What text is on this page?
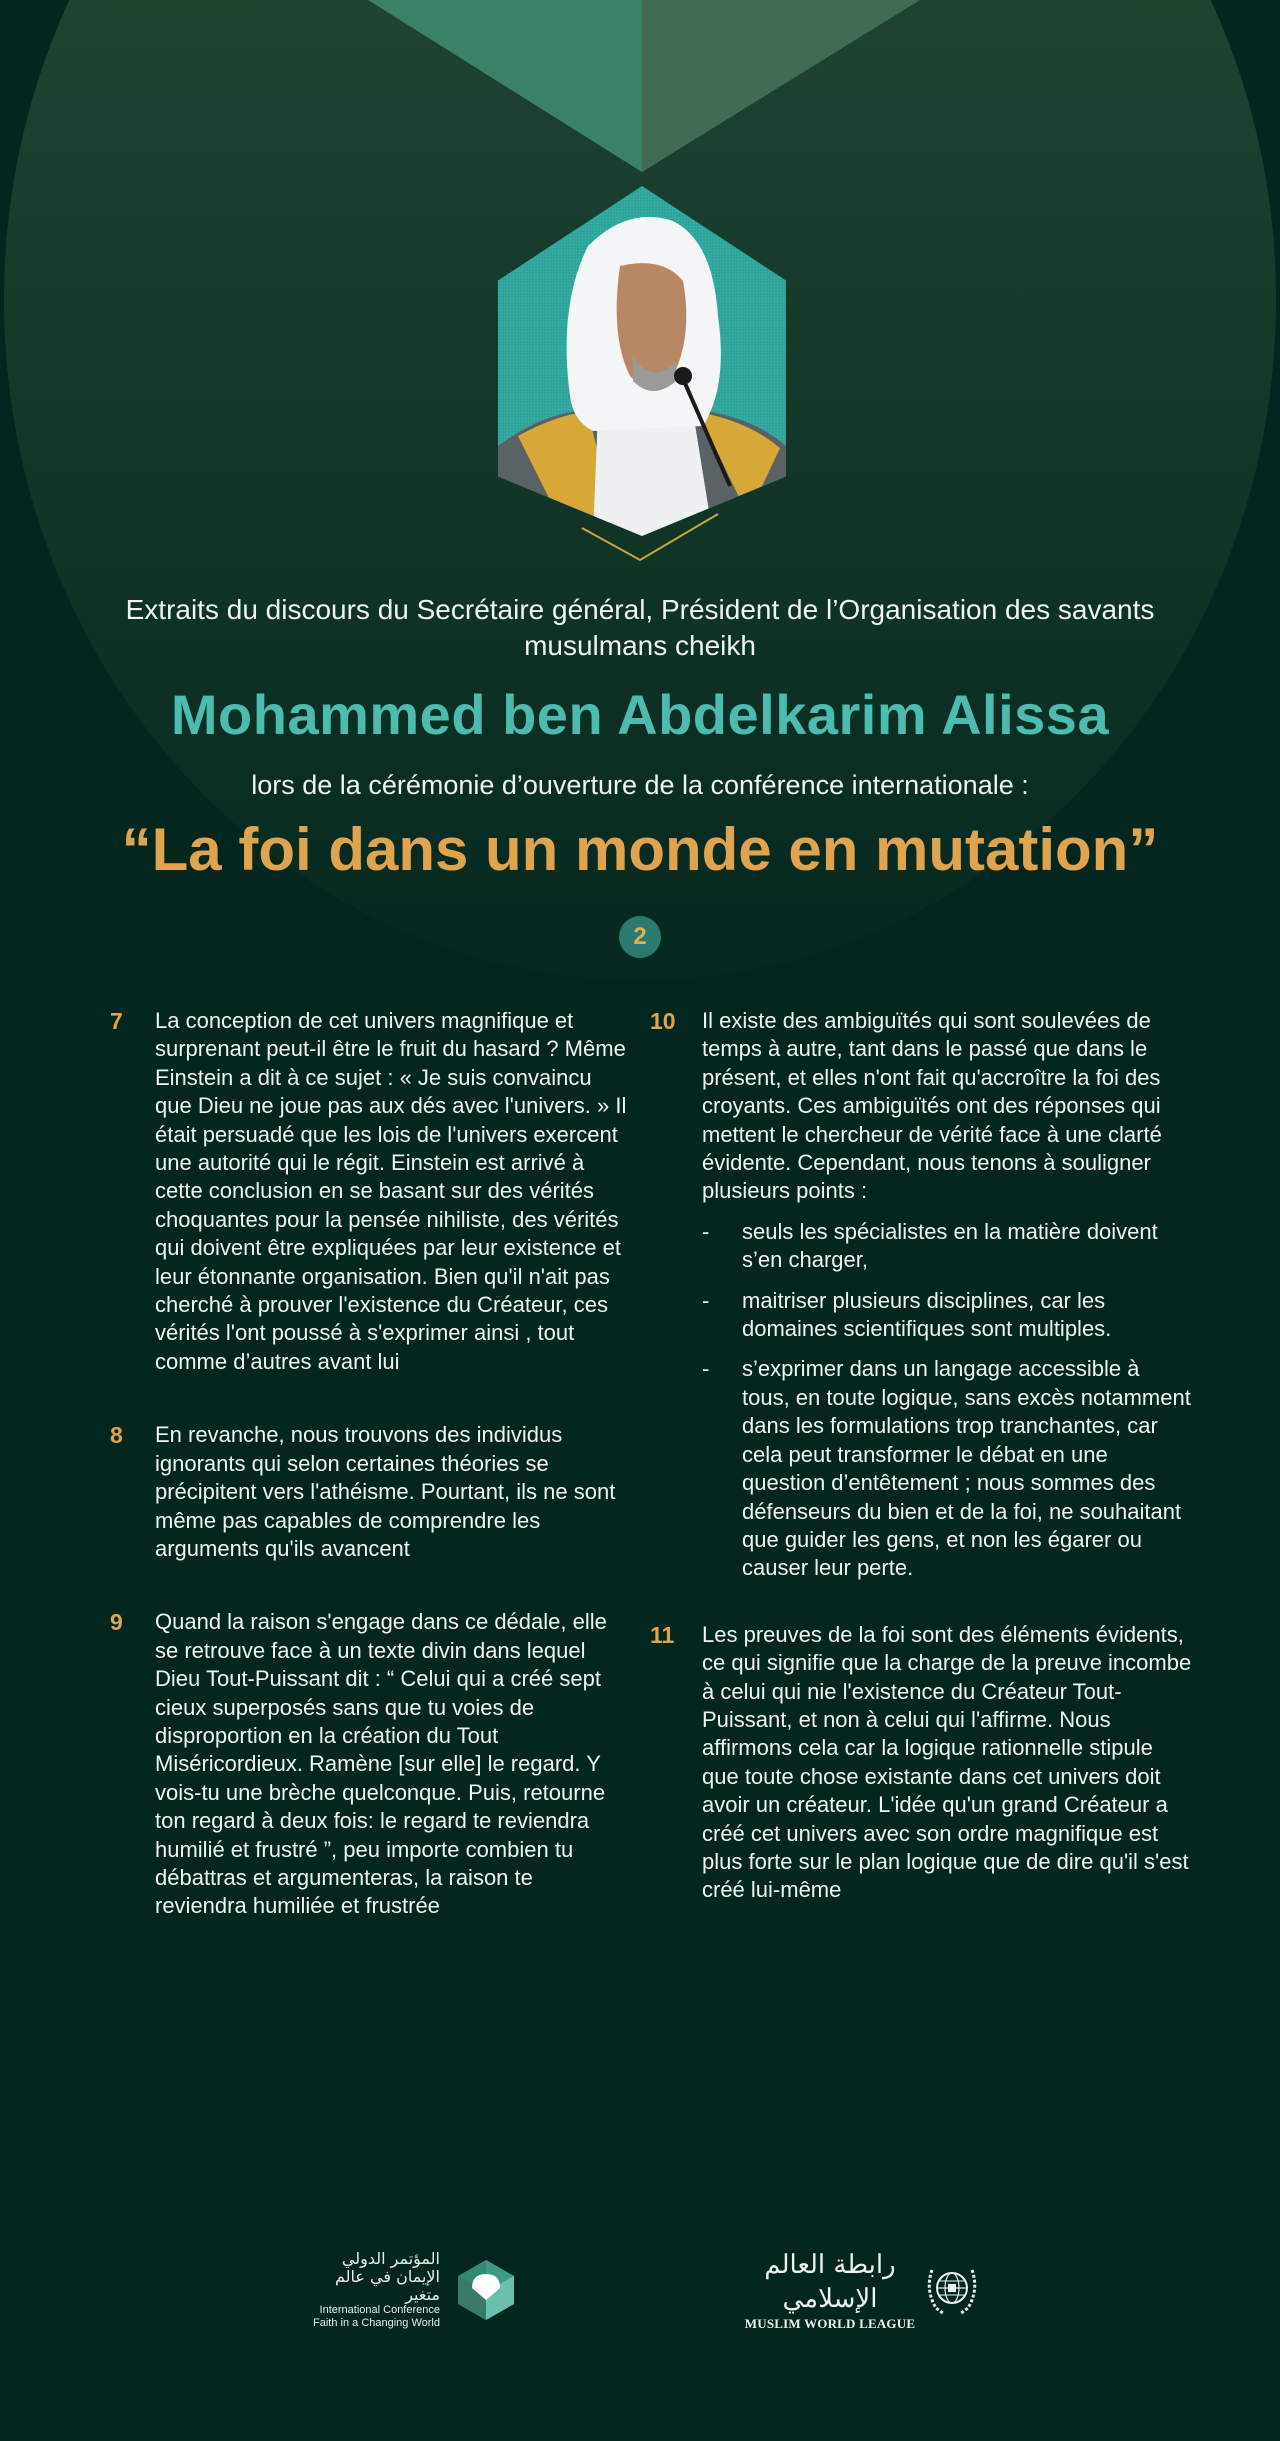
Extraits du discours du Secrétaire général, Président de l’Organisation des savants musulmans cheikh
Mohammed ben Abdelkarim Alissa
lors de la cérémonie d’ouverture de la conférence internationale :
“La foi dans un monde en mutation”
2
7 La conception de cet univers magnifique et surprenant peut-il être le fruit du hasard ? Même Einstein a dit à ce sujet : « Je suis convaincu que Dieu ne joue pas aux dés avec l'univers. » Il était persuadé que les lois de l'univers exercent une autorité qui le régit. Einstein est arrivé à cette conclusion en se basant sur des vérités choquantes pour la pensée nihiliste, des vérités qui doivent être expliquées par leur existence et leur étonnante organisation. Bien qu'il n'ait pas cherché à prouver l'existence du Créateur, ces vérités l'ont poussé à s'exprimer ainsi , tout comme d’autres avant lui
8 En revanche, nous trouvons des individus ignorants qui selon certaines théories se précipitent vers l'athéisme. Pourtant, ils ne sont même pas capables de comprendre les arguments qu'ils avancent
9 Quand la raison s'engage dans ce dédale, elle se retrouve face à un texte divin dans lequel Dieu Tout-Puissant dit : “ Celui qui a créé sept cieux superposés sans que tu voies de disproportion en la création du Tout Miséricordieux. Ramène [sur elle] le regard. Y vois-tu une brèche quelconque. Puis, retourne ton regard à deux fois: le regard te reviendra humilié et frustré ”, peu importe combien tu débattras et argumenteras, la raison te reviendra humiliée et frustrée
10 Il existe des ambiguïtés qui sont soulevées de temps à autre, tant dans le passé que dans le présent, et elles n'ont fait qu'accroître la foi des croyants. Ces ambiguïtés ont des réponses qui mettent le chercheur de vérité face à une clarté évidente. Cependant, nous tenons à souligner plusieurs points :
- seuls les spécialistes en la matière doivent s’en charger,
- maitriser plusieurs disciplines, car les domaines scientifiques sont multiples.
- s’exprimer dans un langage accessible à tous, en toute logique, sans excès notamment dans les formulations trop tranchantes, car cela peut transformer le débat en une question d’entêtement ; nous sommes des défenseurs du bien et de la foi, ne souhaitant que guider les gens, et non les égarer ou causer leur perte.
11 Les preuves de la foi sont des éléments évidents, ce qui signifie que la charge de la preuve incombe à celui qui nie l'existence du Créateur Tout-Puissant, et non à celui qui l'affirme. Nous affirmons cela car la logique rationnelle stipule que toute chose existante dans cet univers doit avoir un créateur. L'idée qu'un grand Créateur a créé cet univers avec son ordre magnifique est plus forte sur le plan logique que de dire qu'il s'est créé lui-même
المؤتمر الدولي
الإيمان في عالم متغير
International Conference
Faith in a Changing World
رابطة العالم الإسلامي
MUSLIM WORLD LEAGUE
